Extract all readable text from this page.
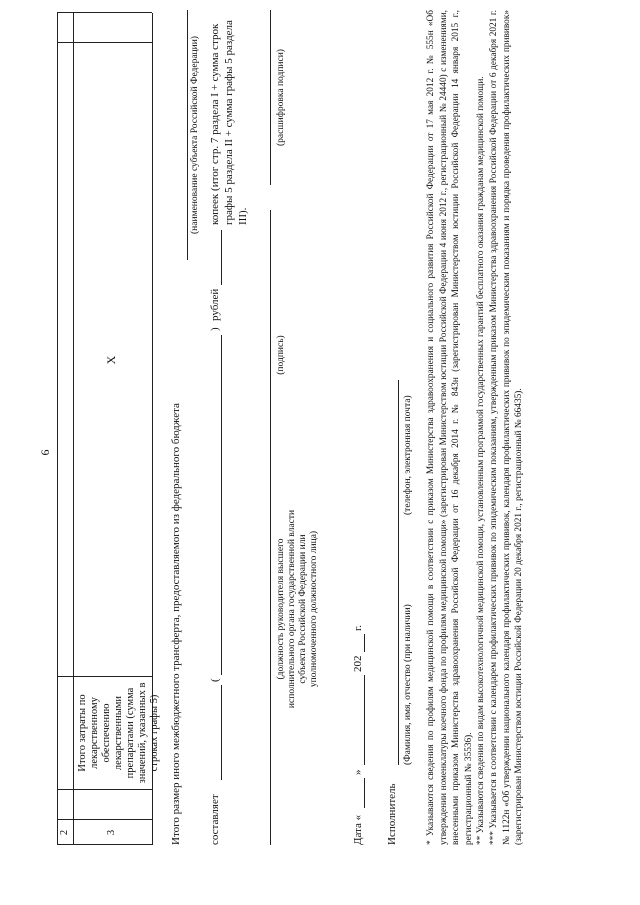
6
2	3
Итого затраты по лекарственному обеспечению лекарственными препаратами (сумма значений, указанных в строках графы 5)
X
Итого размер иного межбюджетного трансферта, предоставляемого из федерального бюджета
(наименование субъекта Российской Федерации)
составляет
(
)
рублей
копеек (итог стр. 7 раздела I + сумма строк графы 5 раздела II + сумма графы 5 раздела III).
(должность руководителя высшего исполнительного органа государственной власти субъекта Российской Федерации или уполномоченного должностного лица)
(подпись)
(расшифровка подписи)
Дата «
»
202
г.
Исполнитель
(Фамилия, имя, отчество (при наличии)
(телефон, электронная почта) * Указываются сведения по профилям медицинской помощи в соответствии с приказом Министерства здравоохранения и социального развития Российской Федерации от 17 мая 2012 г. № 555н «Об утверждении номенклатуры коечного фонда по профилям медицинской помощи» (зарегистрирован Министерством юстиции Российской Федерации 4 июня 2012 г., регистрационный № 24440) с изменениями, внесенными приказом Министерства здравоохранения Российской Федерации от 16 декабря 2014 г. № 843н (зарегистрирован Министерством юстиции Российской Федерации 14 января 2015 г., регистрационный № 35536). ** Указываются сведения по видам высокотехнологичной медицинской помощи, установленным программой государственных гарантий бесплатного оказания гражданам медицинской помощи. *** Указывается в соответствии с календарем профилактических прививок по эпидемическим показаниям, утвержденным приказом Министерства здравоохранения Российской Федерации от 6 декабря 2021 г. № 1122н «Об утверждении национального календаря профилактических прививок, календаря профилактических прививок по эпидемическим показаниям и порядка проведения профилактических прививок» (зарегистрирован Министерством юстиции Российской Федерации 20 декабря 2021 г., регистрационный № 66435).
